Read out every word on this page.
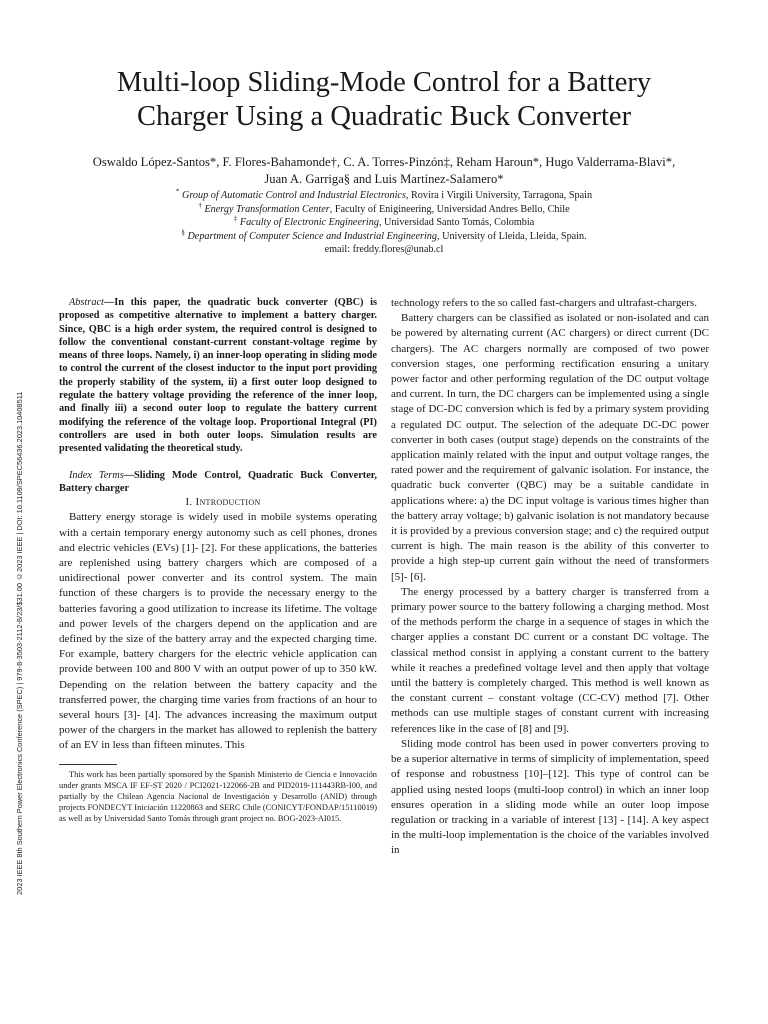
2023 IEEE 8th Southern Power Electronics Conference (SPEC) | 979-8-3503-2112-8/23/$31.00 ©2023 IEEE | DOI: 10.1109/SPEC56436.2023.10408511
Multi-loop Sliding-Mode Control for a Battery
Charger Using a Quadratic Buck Converter
Oswaldo López-Santos*, F. Flores-Bahamonde†, C. A. Torres-Pinzón‡, Reham Haroun*, Hugo Valderrama-Blavi*,
Juan A. Garriga§ and Luis Martínez-Salamero*
* Group of Automatic Control and Industrial Electronics, Rovira i Virgili University, Tarragona, Spain
† Energy Transformation Center, Faculty of Enigineering, Universidad Andres Bello, Chile
‡ Faculty of Electronic Engineering, Universidad Santo Tomás, Colombia
§ Department of Computer Science and Industrial Engineering, University of Lleida, Lleida, Spain.
email: freddy.flores@unab.cl

Abstract—In this paper, the quadratic buck converter (QBC) is proposed as competitive alternative to implement a battery charger. Since, QBC is a high order system, the required control is designed to follow the conventional constant-current constant-voltage regime by means of three loops. Namely, i) an inner-loop operating in sliding mode to control the current of the closest inductor to the input port providing the properly stability of the system, ii) a first outer loop designed to regulate the battery voltage providing the reference of the inner loop, and finally iii) a second outer loop to regulate the battery current modifying the reference of the voltage loop. Proportional Integral (PI) controllers are used in both outer loops. Simulation results are presented validating the theoretical study.

Index Terms—Sliding Mode Control, Quadratic Buck Converter, Battery charger

I. Introduction

Battery energy storage is widely used in mobile systems operating with a certain temporary energy autonomy such as cell phones, drones and electric vehicles (EVs) [1]- [2]. For these applications, the batteries are replenished using battery chargers which are composed of a unidirectional power converter and its control system. The main function of these chargers is to provide the necessary energy to the batteries favoring a good utilization to increase its lifetime. The voltage and power levels of the chargers depend on the application and are defined by the size of the battery array and the expected charging time. For example, battery chargers for the electric vehicle application can provide between 100 and 800 V with an output power of up to 350 kW. Depending on the relation between the battery capacity and the transferred power, the charging time varies from fractions of an hour to several hours [3]- [4]. The advances increasing the maximum output power of the chargers in the market has allowed to replenish the battery of an EV in less than fifteen minutes. This

This work has been partially sponsored by the Spanish Ministerio de Ciencia e Innovación under grants MSCA IF EF-ST 2020 / PCI2021-122066-2B and PID2019-111443RB-I00, and partially by the Chilean Agencia Nacional de Investigación y Desarrollo (ANID) through projects FONDECYT Iniciación 11220863 and SERC Chile (CONICYT/FONDAP/15110019) as well as by Universidad Santo Tomás through grant project no. BOG-2023-AI015.

technology refers to the so called fast-chargers and ultrafast-chargers.

Battery chargers can be classified as isolated or non-isolated and can be powered by alternating current (AC chargers) or direct current (DC chargers). The AC chargers normally are composed of two power conversion stages, one performing rectification ensuring a unitary power factor and other performing regulation of the DC output voltage and current. In turn, the DC chargers can be implemented using a single stage of DC-DC conversion which is fed by a primary system providing a regulated DC output. The selection of the adequate DC-DC power converter in both cases (output stage) depends on the constraints of the application mainly related with the input and output voltage ranges, the rated power and the requirement of galvanic isolation. For instance, the quadratic buck converter (QBC) may be a suitable candidate in applications where: a) the DC input voltage is various times higher than the battery array voltage; b) galvanic isolation is not mandatory because it is provided by a previous conversion stage; and c) the required output current is high. The main reason is the ability of this converter to provide a high step-up current gain without the need of transformers [5]- [6].

The energy processed by a battery charger is transferred from a primary power source to the battery following a charging method. Most of the methods perform the charge in a sequence of stages in which the charger applies a constant DC current or a constant DC voltage. The classical method consist in applying a constant current to the battery while it reaches a predefined voltage level and then apply that voltage until the battery is completely charged. This method is well known as the constant current – constant voltage (CC-CV) method [7]. Other methods can use multiple stages of constant current with increasing references like in the case of [8] and [9].

Sliding mode control has been used in power converters proving to be a superior alternative in terms of simplicity of implementation, speed of response and robustness [10]–[12]. This type of control can be applied using nested loops (multi-loop control) in which an inner loop ensures operation in a sliding mode while an outer loop impose regulation or tracking in a variable of interest [13] - [14]. A key aspect in the multi-loop implementation is the choice of the variables involved in
